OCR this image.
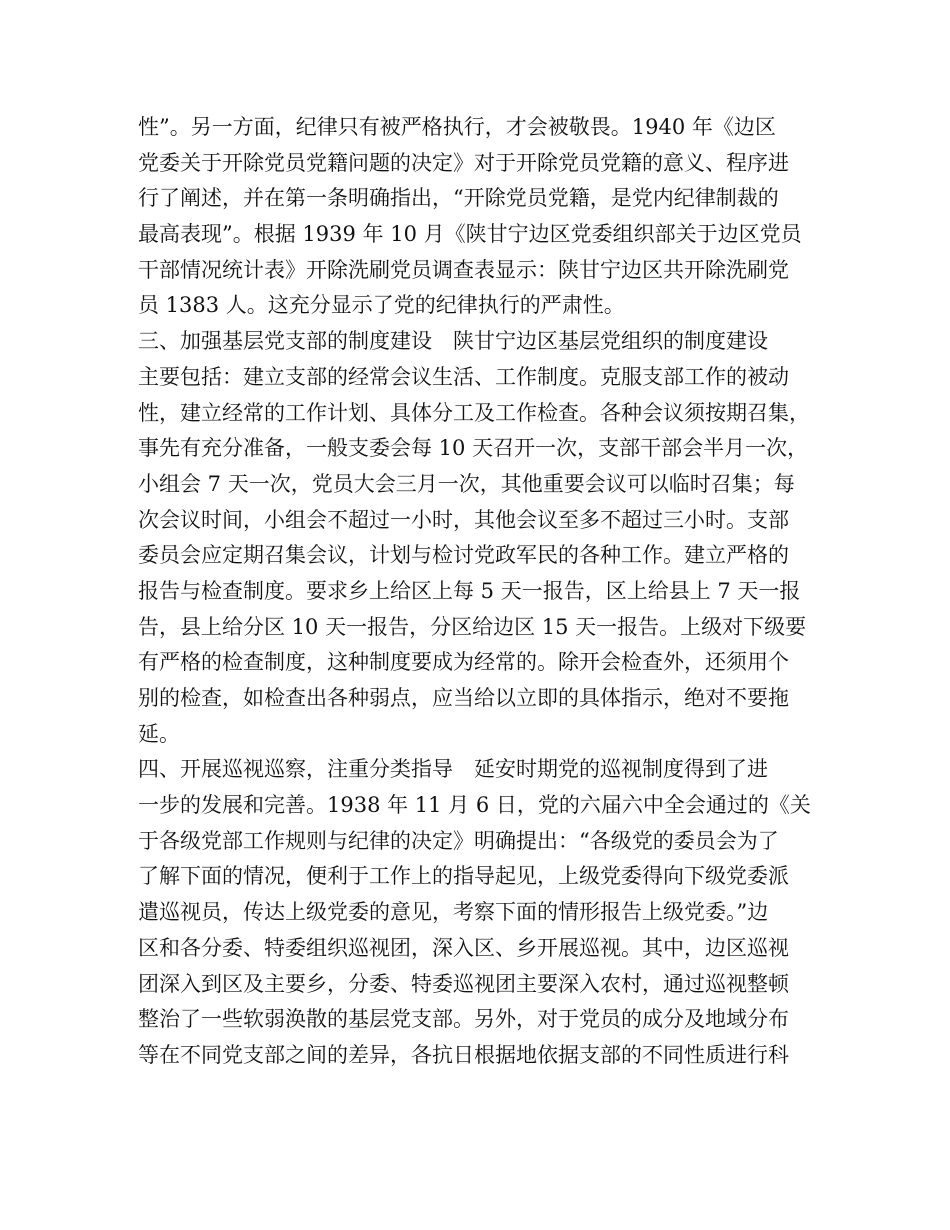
性”。另一方面，纪律只有被严格执行，才会被敬畏。1940 年《边区
党委关于开除党员党籍问题的决定》对于开除党员党籍的意义、程序进
行了阐述，并在第一条明确指出，“开除党员党籍，是党内纪律制裁的
最高表现”。根据 1939 年 10 月《陕甘宁边区党委组织部关于边区党员
干部情况统计表》开除洗刷党员调查表显示：陕甘宁边区共开除洗刷党
员 1383 人。这充分显示了党的纪律执行的严肃性。
三、加强基层党支部的制度建设　陕甘宁边区基层党组织的制度建设
主要包括：建立支部的经常会议生活、工作制度。克服支部工作的被动
性，建立经常的工作计划、具体分工及工作检查。各种会议须按期召集，
事先有充分准备，一般支委会每 10 天召开一次，支部干部会半月一次，
小组会 7 天一次，党员大会三月一次，其他重要会议可以临时召集；每
次会议时间，小组会不超过一小时，其他会议至多不超过三小时。支部
委员会应定期召集会议，计划与检讨党政军民的各种工作。建立严格的
报告与检查制度。要求乡上给区上每 5 天一报告，区上给县上 7 天一报
告，县上给分区 10 天一报告，分区给边区 15 天一报告。上级对下级要
有严格的检查制度，这种制度要成为经常的。除开会检查外，还须用个
别的检查，如检查出各种弱点，应当给以立即的具体指示，绝对不要拖
延。
四、开展巡视巡察，注重分类指导　延安时期党的巡视制度得到了进
一步的发展和完善。1938 年 11 月 6 日，党的六届六中全会通过的《关
于各级党部工作规则与纪律的决定》明确提出：“各级党的委员会为了
了解下面的情况，便利于工作上的指导起见，上级党委得向下级党委派
遣巡视员，传达上级党委的意见，考察下面的情形报告上级党委。”边
区和各分委、特委组织巡视团，深入区、乡开展巡视。其中，边区巡视
团深入到区及主要乡，分委、特委巡视团主要深入农村，通过巡视整顿
整治了一些软弱涣散的基层党支部。另外，对于党员的成分及地域分布
等在不同党支部之间的差异，各抗日根据地依据支部的不同性质进行科
